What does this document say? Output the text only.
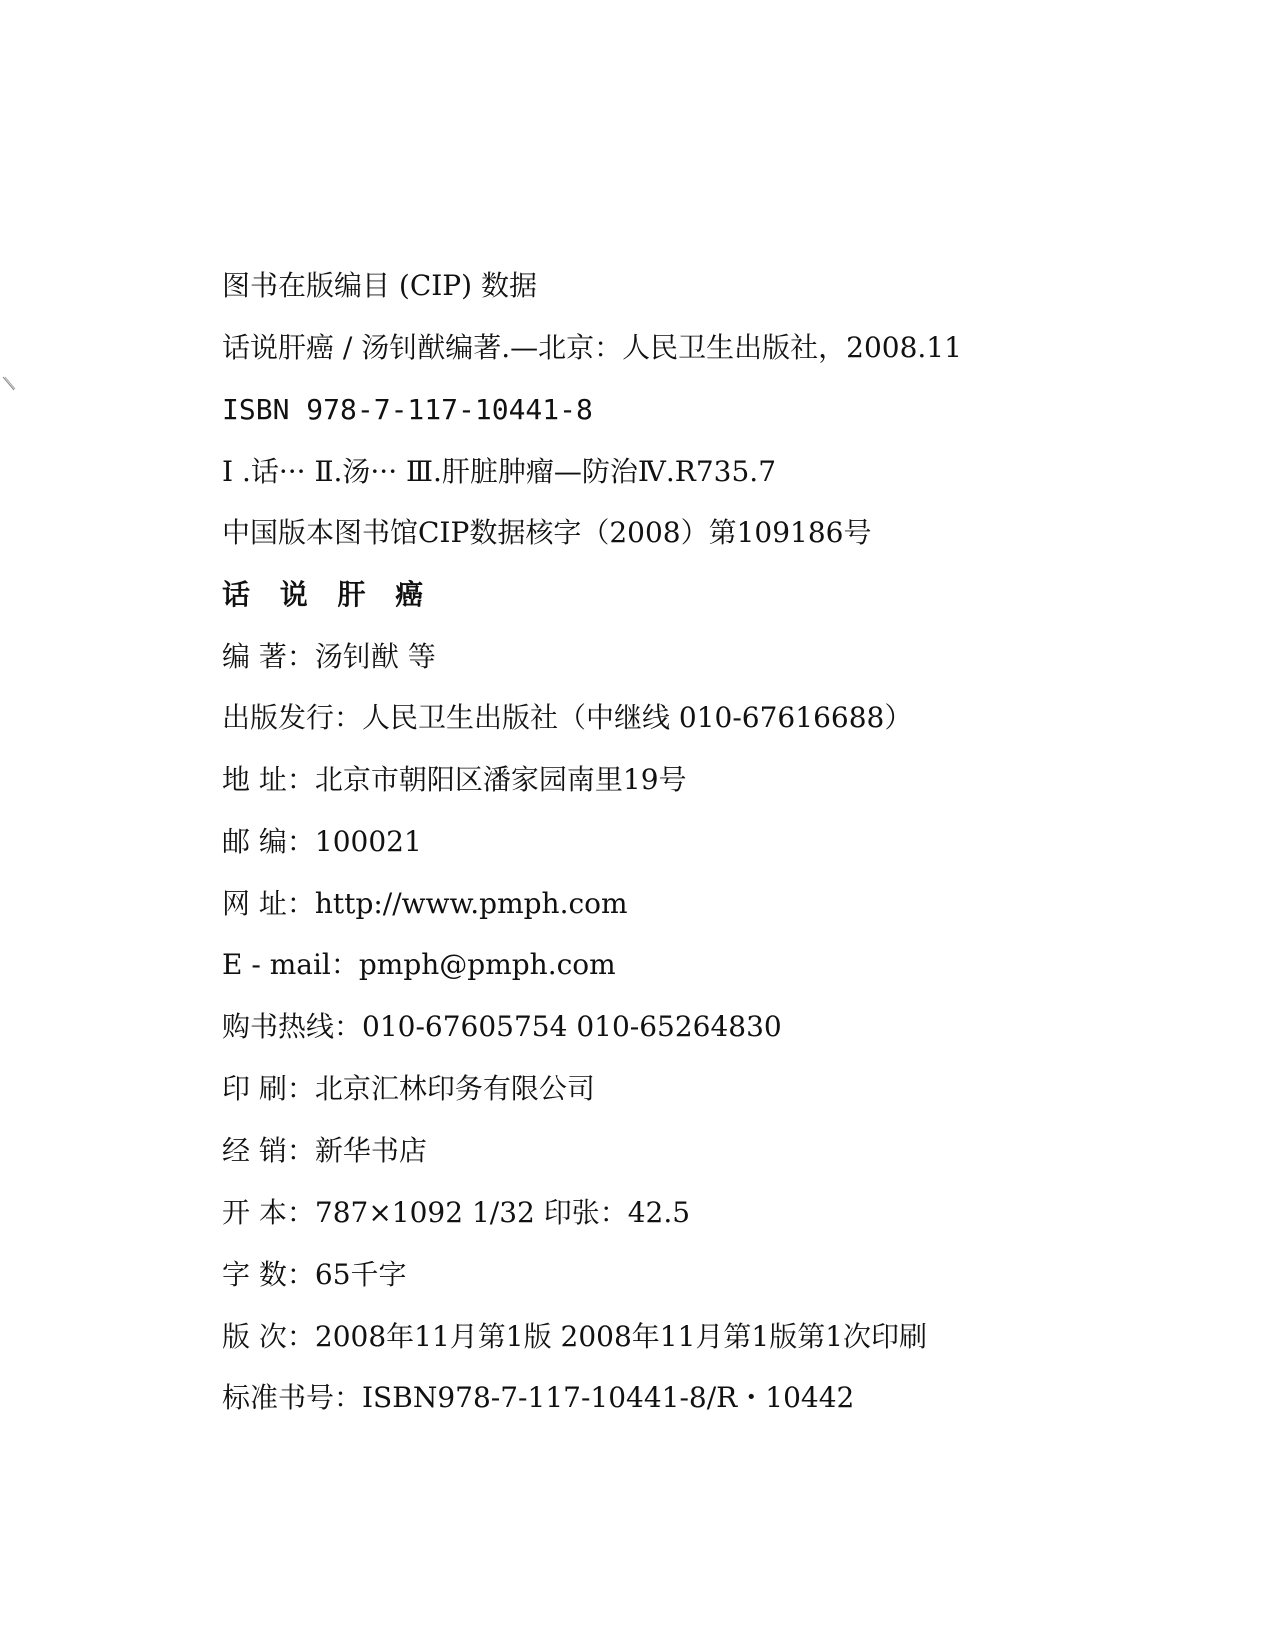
图书在版编目 (CIP) 数据
话说肝癌 / 汤钊猷编著.—北京：人民卫生出版社，2008.11
ISBN 978-7-117-10441-8
Ⅰ .话··· Ⅱ.汤··· Ⅲ.肝脏肿瘤—防治Ⅳ.R735.7
中国版本图书馆CIP数据核字（2008）第109186号
话 说 肝 癌
编 著：汤钊猷 等
出版发行：人民卫生出版社（中继线 010-67616688）
地 址：北京市朝阳区潘家园南里19号
邮 编：100021
网 址：http://www.pmph.com
E - mail：pmph@pmph.com
购书热线：010-67605754 010-65264830
印 刷：北京汇林印务有限公司
经 销：新华书店
开 本：787×1092 1/32 印张：42.5
字 数：65千字
版 次：2008年11月第1版 2008年11月第1版第1次印刷
标准书号：ISBN978-7-117-10441-8/R・10442
